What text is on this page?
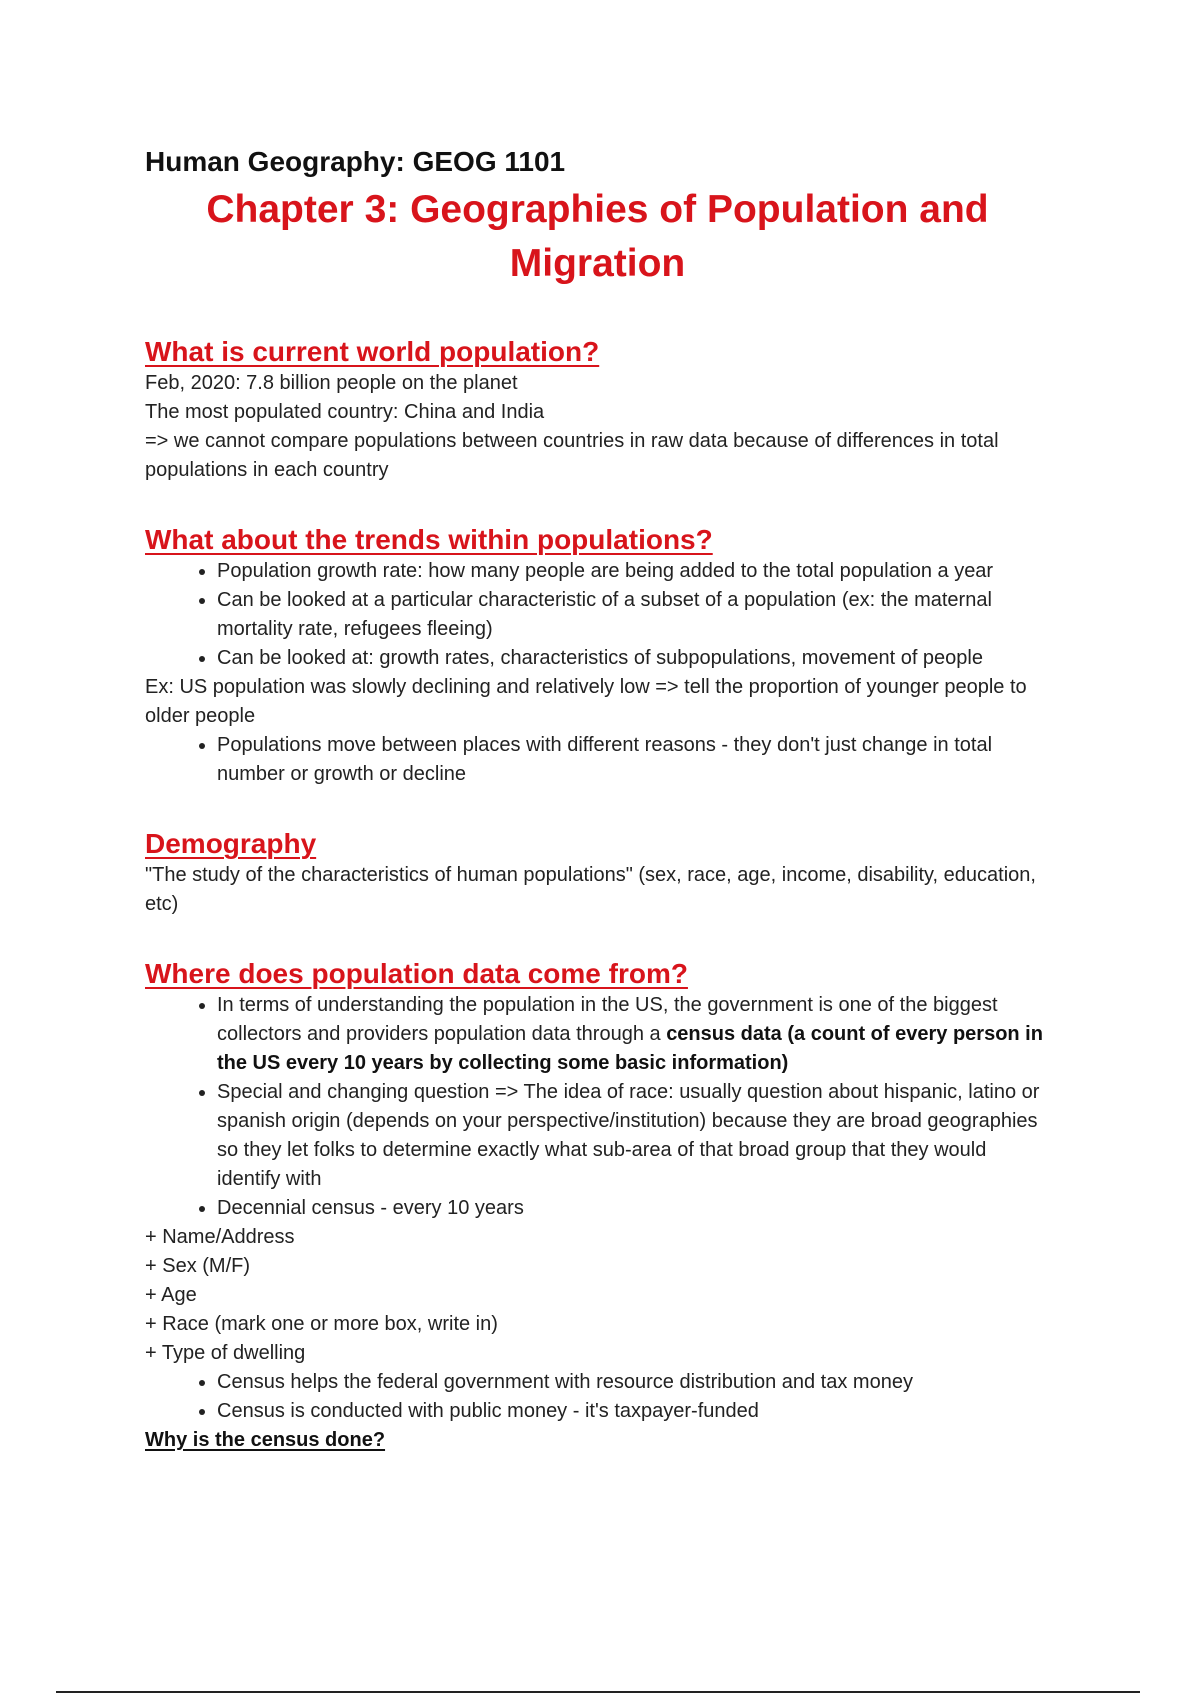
Human Geography: GEOG 1101

Chapter 3: Geographies of Population and Migration
What is current world population?

Feb, 2020: 7.8 billion people on the planet

The most populated country: China and India

=> we cannot compare populations between countries in raw data because of differences in total populations in each country

What about the trends within populations?
• Population growth rate: how many people are being added to the total population a year
• Can be looked at a particular characteristic of a subset of a population (ex: the maternal mortality rate, refugees fleeing)
• Can be looked at: growth rates, characteristics of subpopulations, movement of people

Ex: US population was slowly declining and relatively low => tell the proportion of younger people to older people

• Populations move between places with different reasons - they don't just change in total number or growth or decline
Demography

"The study of the characteristics of human populations" (sex, race, age, income, disability, education, etc)

Where does population data come from?
• In terms of understanding the population in the US, the government is one of the biggest collectors and providers population data through a census data (a count of every person in the US every 10 years by collecting some basic information)
• Special and changing question => The idea of race: usually question about hispanic, latino or spanish origin (depends on your perspective/institution) because they are broad geographies so they let folks to determine exactly what sub-area of that broad group that they would identify with
• Decennial census - every 10 years

+ Name/Address

+ Sex (M/F)

+ Age

+ Race (mark one or more box, write in)

+ Type of dwelling

• Census helps the federal government with resource distribution and tax money
• Census is conducted with public money - it's taxpayer-funded

Why is the census done?
